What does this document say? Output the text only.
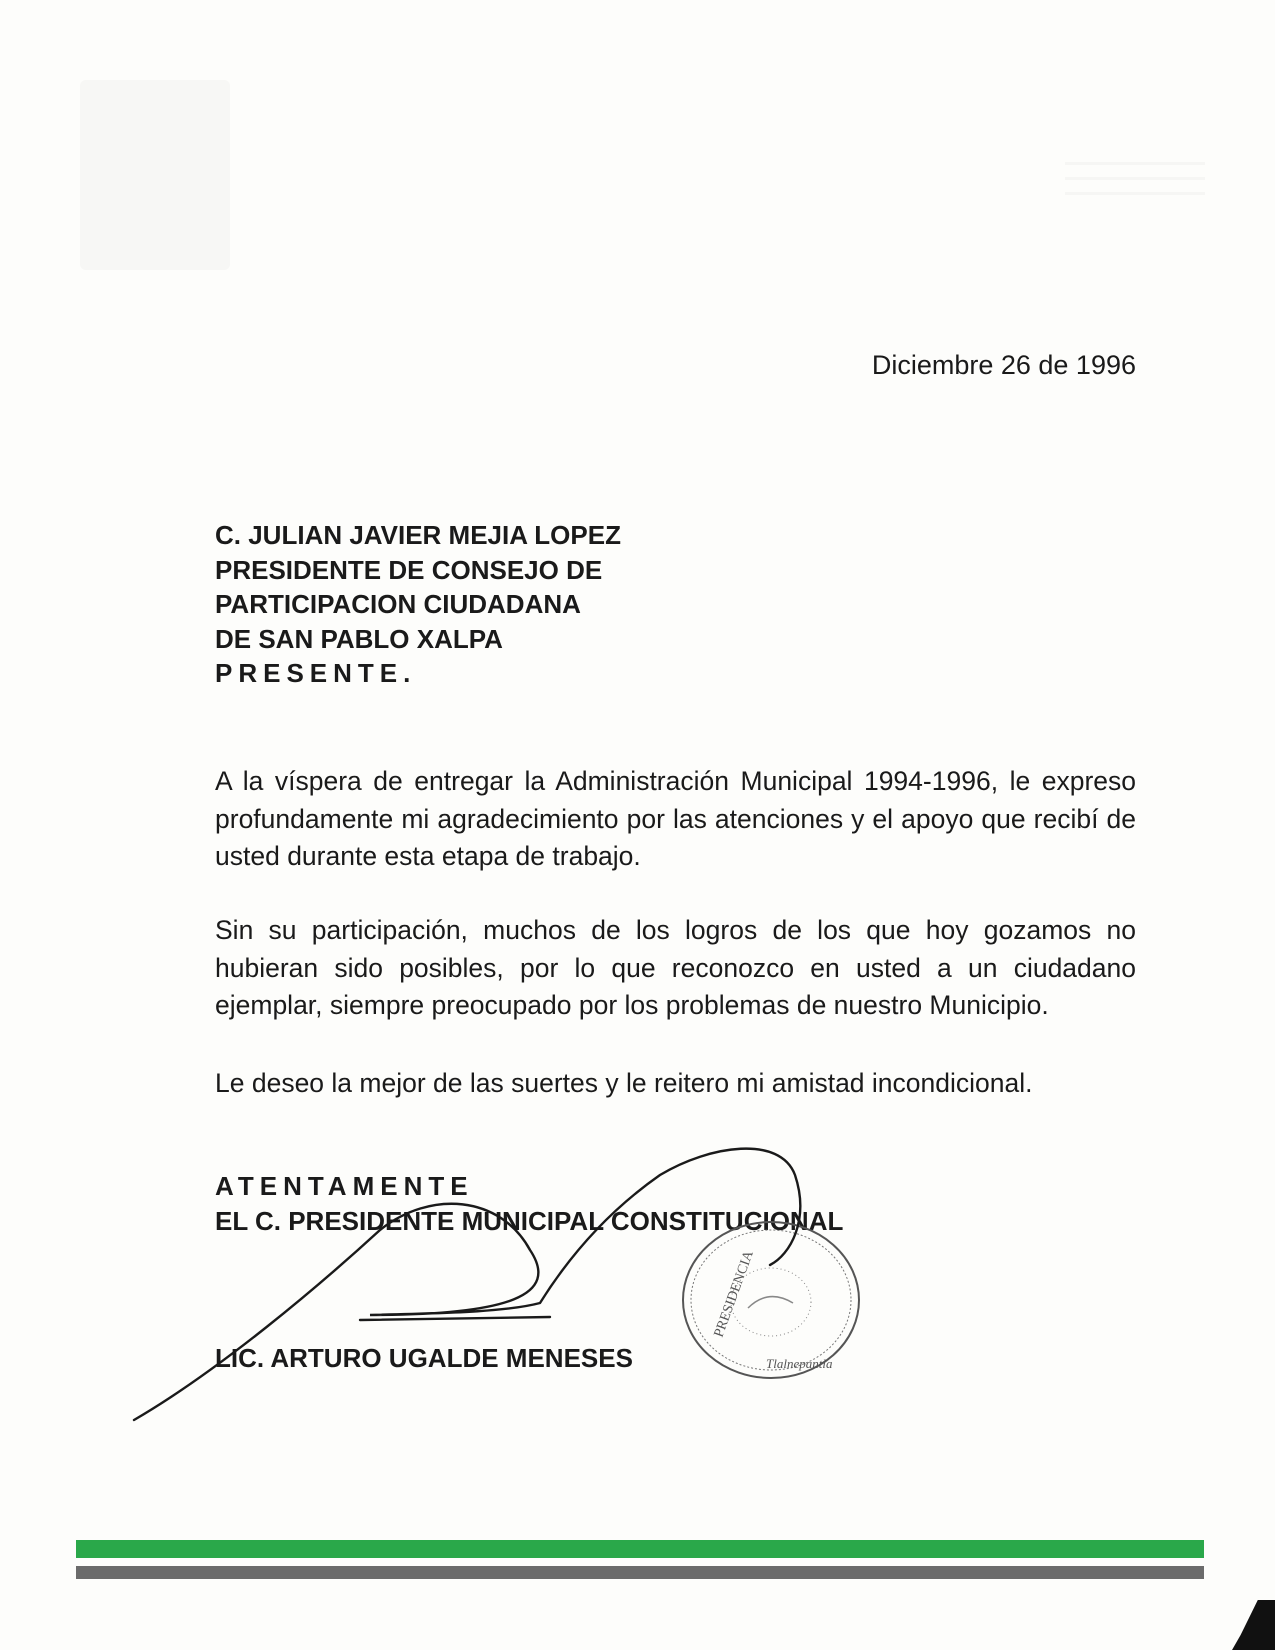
Diciembre 26 de 1996
C. JULIAN JAVIER MEJIA LOPEZ
PRESIDENTE DE CONSEJO DE
PARTICIPACION CIUDADANA
DE SAN PABLO XALPA
PRESENTE.

A la víspera de entregar la Administración Municipal 1994-1996, le expreso profundamente mi agradecimiento por las atenciones y el apoyo que recibí de usted durante esta etapa de trabajo.

Sin su participación, muchos de los logros de los que hoy gozamos no hubieran sido posibles, por lo que reconozco en usted a un ciudadano ejemplar, siempre preocupado por los problemas de nuestro Municipio.

Le deseo la mejor de las suertes y le reitero mi amistad incondicional.

ATENTAMENTE
EL C. PRESIDENTE MUNICIPAL CONSTITUCIONAL
LIC. ARTURO UGALDE MENESES
PRESIDENCIA
Tlalnepantla
